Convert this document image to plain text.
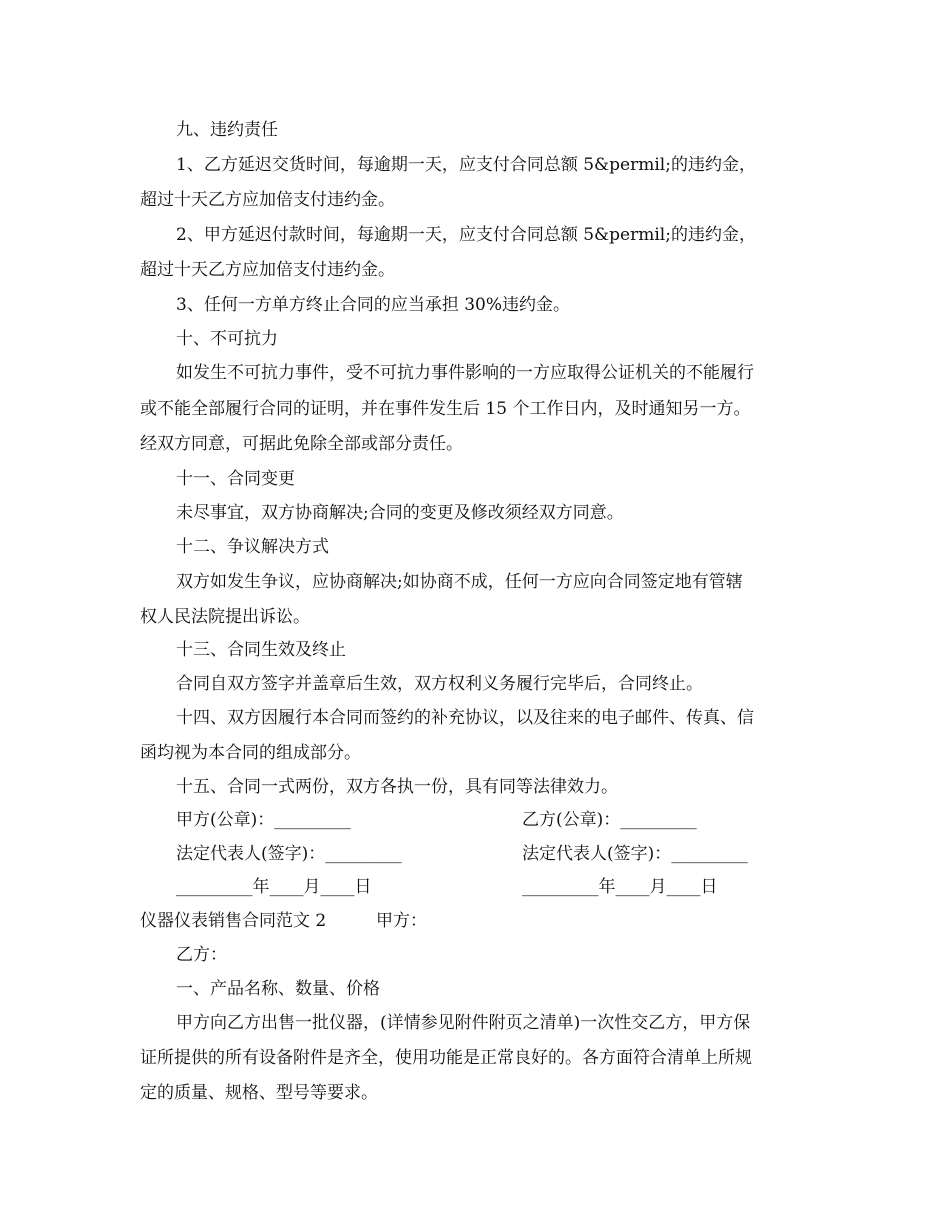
九、违约责任
1、乙方延迟交货时间，每逾期一天，应支付合同总额 5&permil;的违约金，
超过十天乙方应加倍支付违约金。
2、甲方延迟付款时间，每逾期一天，应支付合同总额 5&permil;的违约金，
超过十天乙方应加倍支付违约金。
3、任何一方单方终止合同的应当承担 30%违约金。
十、不可抗力
如发生不可抗力事件，受不可抗力事件影响的一方应取得公证机关的不能履行
或不能全部履行合同的证明，并在事件发生后 15 个工作日内，及时通知另一方。
经双方同意，可据此免除全部或部分责任。
十一、合同变更
未尽事宜，双方协商解决;合同的变更及修改须经双方同意。
十二、争议解决方式
双方如发生争议，应协商解决;如协商不成，任何一方应向合同签定地有管辖
权人民法院提出诉讼。
十三、合同生效及终止
合同自双方签字并盖章后生效，双方权利义务履行完毕后，合同终止。
十四、双方因履行本合同而签约的补充协议，以及往来的电子邮件、传真、信
函均视为本合同的组成部分。
十五、合同一式两份，双方各执一份，具有同等法律效力。
甲方(公章)：_________	乙方(公章)：_________
法定代表人(签字)：_________	法定代表人(签字)：_________
_________年____月____日	_________年____月____日
仪器仪表销售合同范文 2	甲方：
乙方：
一、产品名称、数量、价格
甲方向乙方出售一批仪器，(详情参见附件附页之清单)一次性交乙方，甲方保
证所提供的所有设备附件是齐全，使用功能是正常良好的。各方面符合清单上所规
定的质量、规格、型号等要求。
